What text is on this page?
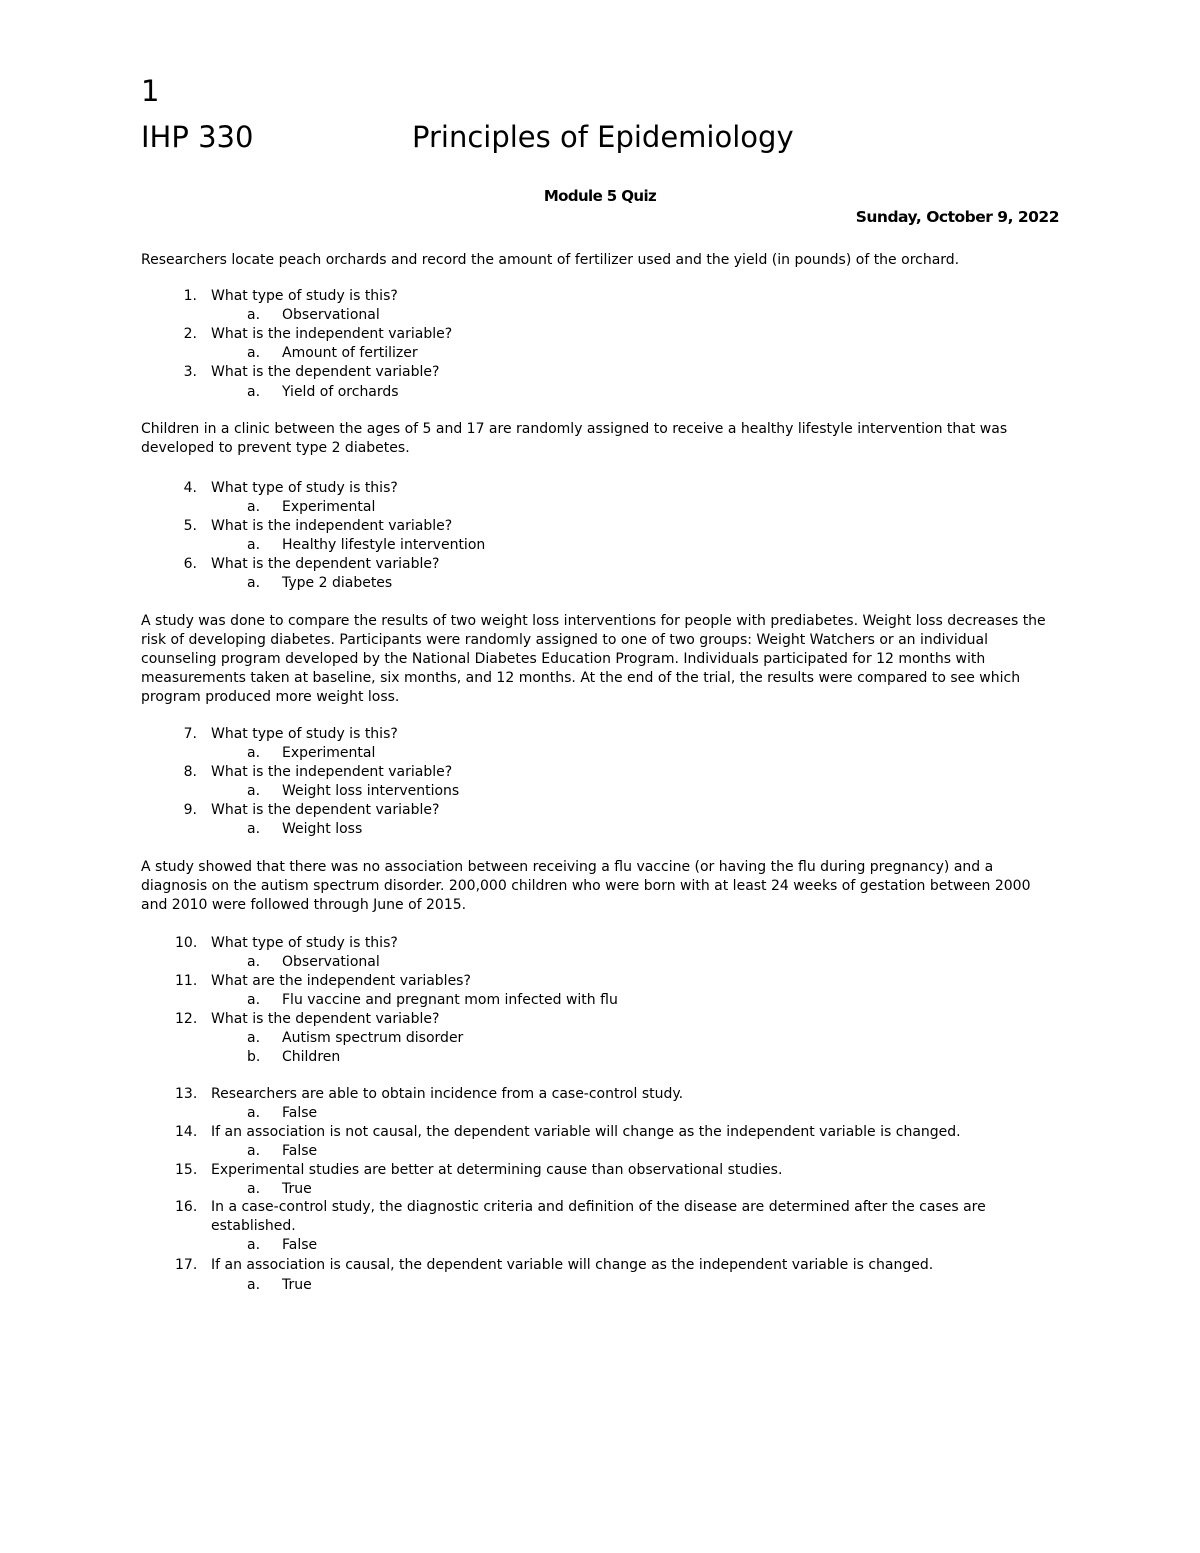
1
IHP 330	Principles of Epidemiology
Module 5 Quiz
Sunday, October 9, 2022
Researchers locate peach orchards and record the amount of fertilizer used and the yield (in pounds) of the orchard.
1. What type of study is this?
a. Observational
2. What is the independent variable?
a. Amount of fertilizer
3. What is the dependent variable?
a. Yield of orchards
Children in a clinic between the ages of 5 and 17 are randomly assigned to receive a healthy lifestyle intervention that was developed to prevent type 2 diabetes.
4. What type of study is this?
a. Experimental
5. What is the independent variable?
a. Healthy lifestyle intervention
6. What is the dependent variable?
a. Type 2 diabetes
A study was done to compare the results of two weight loss interventions for people with prediabetes. Weight loss decreases the risk of developing diabetes. Participants were randomly assigned to one of two groups: Weight Watchers or an individual counseling program developed by the National Diabetes Education Program. Individuals participated for 12 months with measurements taken at baseline, six months, and 12 months. At the end of the trial, the results were compared to see which program produced more weight loss.
7. What type of study is this?
a. Experimental
8. What is the independent variable?
a. Weight loss interventions
9. What is the dependent variable?
a. Weight loss
A study showed that there was no association between receiving a flu vaccine (or having the flu during pregnancy) and a diagnosis on the autism spectrum disorder. 200,000 children who were born with at least 24 weeks of gestation between 2000 and 2010 were followed through June of 2015.
10. What type of study is this?
a. Observational
11. What are the independent variables?
a. Flu vaccine and pregnant mom infected with flu
12. What is the dependent variable?
a. Autism spectrum disorder
b. Children
13. Researchers are able to obtain incidence from a case-control study.
a. False
14. If an association is not causal, the dependent variable will change as the independent variable is changed.
a. False
15. Experimental studies are better at determining cause than observational studies.
a. True
16. In a case-control study, the diagnostic criteria and definition of the disease are determined after the cases are established.
a. False
17. If an association is causal, the dependent variable will change as the independent variable is changed.
a. True
